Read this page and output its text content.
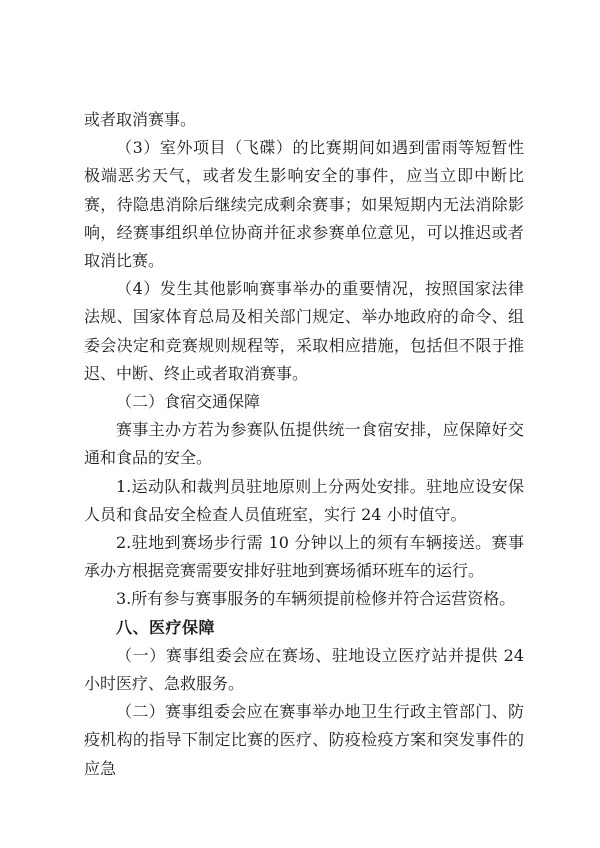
或者取消赛事。

（3）室外项目（飞碟）的比赛期间如遇到雷雨等短暂性极端恶劣天气，或者发生影响安全的事件，应当立即中断比赛，待隐患消除后继续完成剩余赛事；如果短期内无法消除影响，经赛事组织单位协商并征求参赛单位意见，可以推迟或者取消比赛。

（4）发生其他影响赛事举办的重要情况，按照国家法律法规、国家体育总局及相关部门规定、举办地政府的命令、组委会决定和竞赛规则规程等，采取相应措施，包括但不限于推迟、中断、终止或者取消赛事。

（二）食宿交通保障

赛事主办方若为参赛队伍提供统一食宿安排，应保障好交通和食品的安全。

1.运动队和裁判员驻地原则上分两处安排。驻地应设安保人员和食品安全检查人员值班室，实行 24 小时值守。

2.驻地到赛场步行需 10 分钟以上的须有车辆接送。赛事承办方根据竞赛需要安排好驻地到赛场循环班车的运行。

3.所有参与赛事服务的车辆须提前检修并符合运营资格。

八、医疗保障

（一）赛事组委会应在赛场、驻地设立医疗站并提供 24 小时医疗、急救服务。

（二）赛事组委会应在赛事举办地卫生行政主管部门、防疫机构的指导下制定比赛的医疗、防疫检疫方案和突发事件的应急
